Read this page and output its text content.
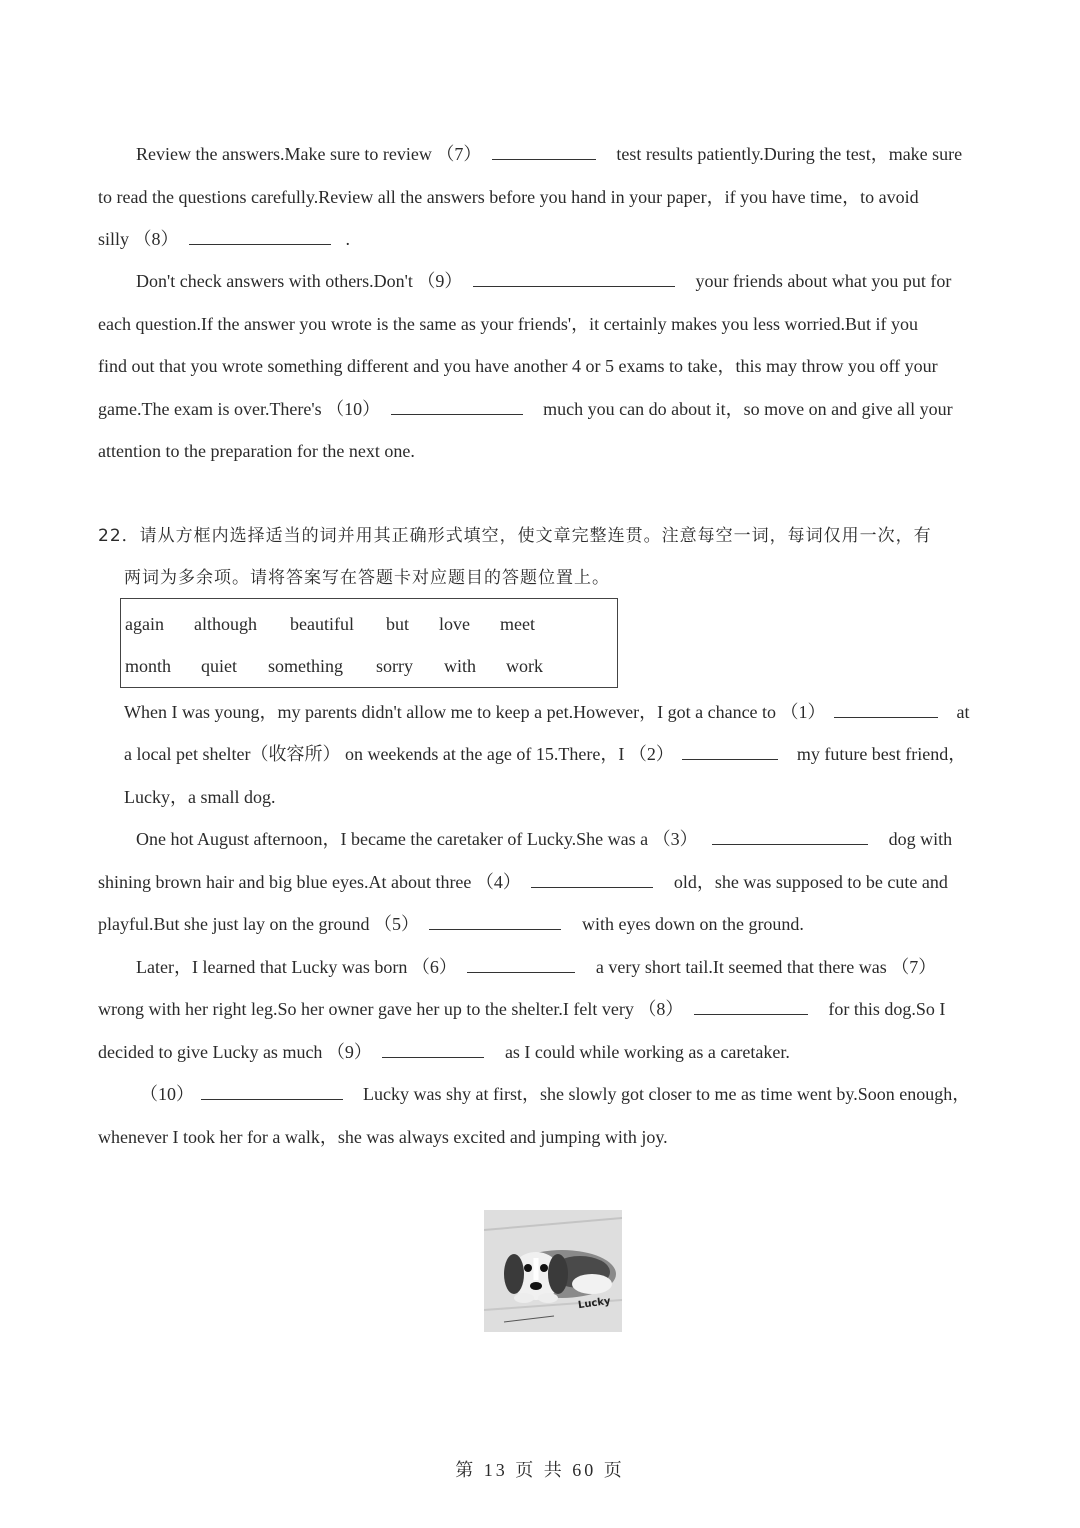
Review the answers.Make sure to review （7）	test results patiently.During the test，make sure
to read the questions carefully.Review all the answers before you hand in your paper，if you have time，to avoid
silly （8）	.
Don't check answers with others.Don't （9）	your friends about what you put for
each question.If the answer you wrote is the same as your friends'，it certainly makes you less worried.But if you
find out that you wrote something different and you have another 4 or 5 exams to take，this may throw you off your
game.The exam is over.There's （10）	much you can do about it，so move on and give all your
attention to the preparation for the next one.
22．请从方框内选择适当的词并用其正确形式填空，使文章完整连贯。注意每空一词，每词仅用一次，有
两词为多余项。请将答案写在答题卡对应题目的答题位置上。
again although beautiful but love meet
month quiet something sorry with work
When I was young，my parents didn't allow me to keep a pet.However，I got a chance to （1）	at
a local pet shelter（收容所） on weekends at the age of 15.There，I （2）	my future best friend，
Lucky，a small dog.
One hot August afternoon，I became the caretaker of Lucky.She was a （3）	dog with
shining brown hair and big blue eyes.At about three （4）	old，she was supposed to be cute and
playful.But she just lay on the ground （5）	with eyes down on the ground.
Later，I learned that Lucky was born （6）	a very short tail.It seemed that there was （7）
wrong with her right leg.So her owner gave her up to the shelter.I felt very （8）	for this dog.So I
decided to give Lucky as much （9）	as I could while working as a caretaker.
（10）	Lucky was shy at first，she slowly got closer to me as time went by.Soon enough，
whenever I took her for a walk，she was always excited and jumping with joy.
Lucky
第 13 页 共 60 页
